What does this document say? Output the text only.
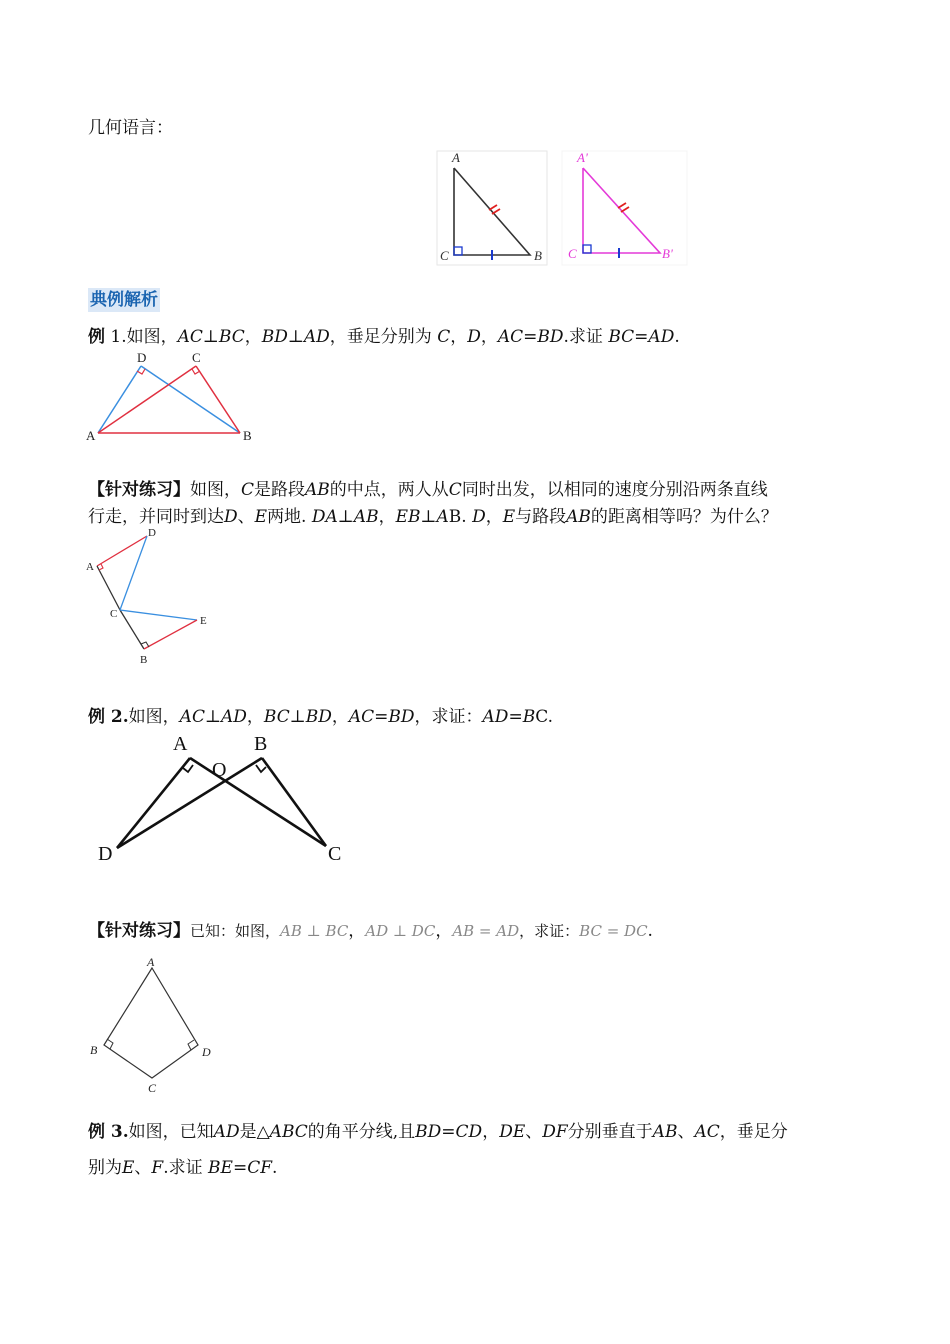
几何语言：
A
C	B
A'
C	B'
典例解析
例 1.如图，AC⊥BC，BD⊥AD，垂足分别为 C，D，AC=BD.求证 BC=AD.
D	C
A	B
【针对练习】如图，C是路段AB的中点，两人从C同时出发，以相同的速度分别沿两条直线
行走，并同时到达D、E两地. DA⊥AB，EB⊥AB. D，E与路段AB的距离相等吗？为什么？
A
D
C
E
B
例 2.如图，AC⊥AD，BC⊥BD，AC=BD，求证：AD=BC.
A	B
O
D	C
【针对练习】已知：如图，AB ⊥ BC，AD ⊥ DC，AB = AD，求证：BC = DC.
A
B	D
C
例 3.如图，已知AD是△ABC的角平分线,且BD=CD，DE、DF分别垂直于AB、AC，垂足分
别为E、F.求证 BE=CF.
